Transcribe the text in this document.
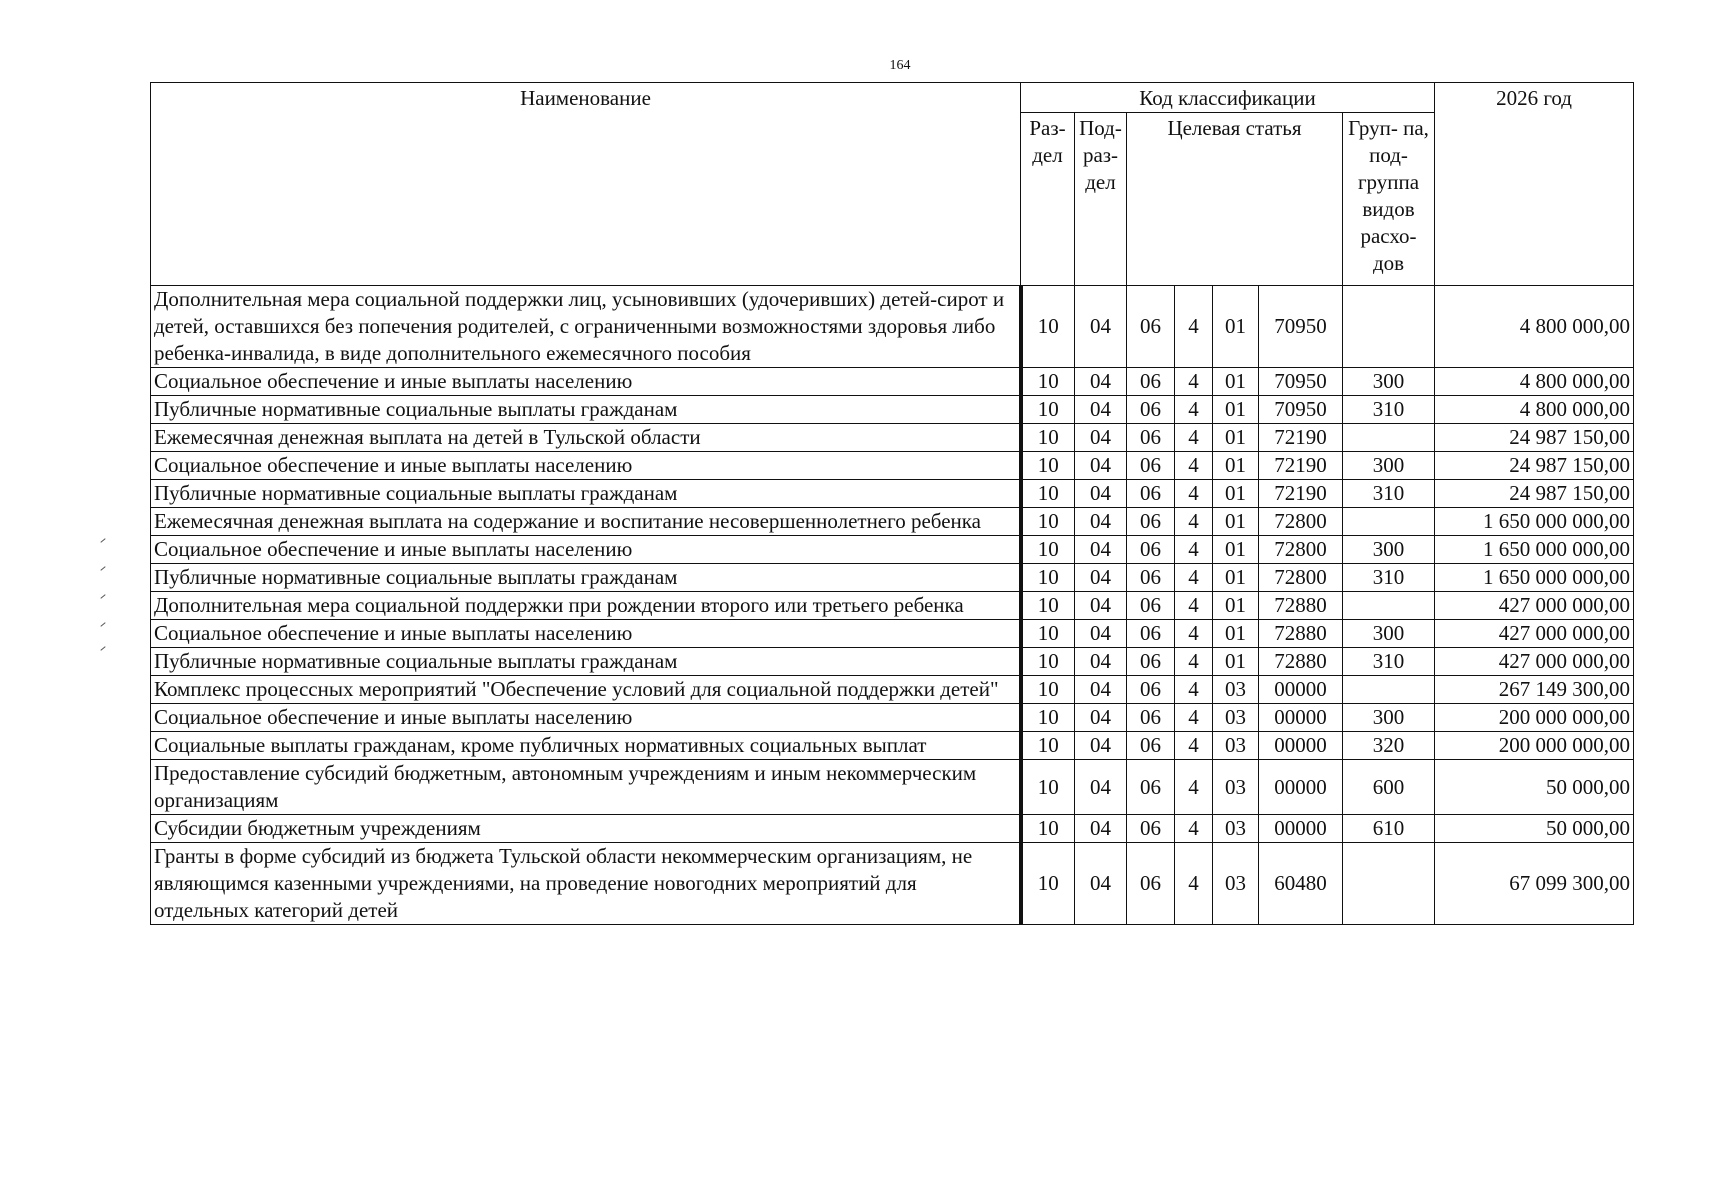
164
Наименование	Код классификации							2026 год
	Раз- дел	Под- раз- дел	Целевая статья				Груп- па, под- группа видов расхо- дов	
Дополнительная мера социальной поддержки лиц, усыновивших (удочеривших) детей-сирот и детей, оставшихся без попечения родителей, с ограниченными возможностями здоровья либо ребенка-инвалида, в виде дополнительного ежемесячного пособия	10	04	06	4	01	70950		4 800 000,00
Социальное обеспечение и иные выплаты населению	10	04	06	4	01	70950	300	4 800 000,00
Публичные нормативные социальные выплаты гражданам	10	04	06	4	01	70950	310	4 800 000,00
Ежемесячная денежная выплата на детей в Тульской области	10	04	06	4	01	72190		24 987 150,00
Социальное обеспечение и иные выплаты населению	10	04	06	4	01	72190	300	24 987 150,00
Публичные нормативные социальные выплаты гражданам	10	04	06	4	01	72190	310	24 987 150,00
Ежемесячная денежная выплата на содержание и воспитание несовершеннолетнего ребенка	10	04	06	4	01	72800		1 650 000 000,00
Социальное обеспечение и иные выплаты населению	10	04	06	4	01	72800	300	1 650 000 000,00
Публичные нормативные социальные выплаты гражданам	10	04	06	4	01	72800	310	1 650 000 000,00
Дополнительная мера социальной поддержки при рождении второго или третьего ребенка	10	04	06	4	01	72880		427 000 000,00
Социальное обеспечение и иные выплаты населению	10	04	06	4	01	72880	300	427 000 000,00
Публичные нормативные социальные выплаты гражданам	10	04	06	4	01	72880	310	427 000 000,00
Комплекс процессных мероприятий "Обеспечение условий для социальной поддержки детей"	10	04	06	4	03	00000		267 149 300,00
Социальное обеспечение и иные выплаты населению	10	04	06	4	03	00000	300	200 000 000,00
Социальные выплаты гражданам, кроме публичных нормативных социальных выплат	10	04	06	4	03	00000	320	200 000 000,00
Предоставление субсидий бюджетным, автономным учреждениям и иным некоммерческим организациям	10	04	06	4	03	00000	600	50 000,00
Субсидии бюджетным учреждениям	10	04	06	4	03	00000	610	50 000,00
Гранты в форме субсидий из бюджета Тульской области некоммерческим организациям, не являющимся казенными учреждениями, на проведение новогодних мероприятий для отдельных категорий детей	10	04	06	4	03	60480		67 099 300,00
